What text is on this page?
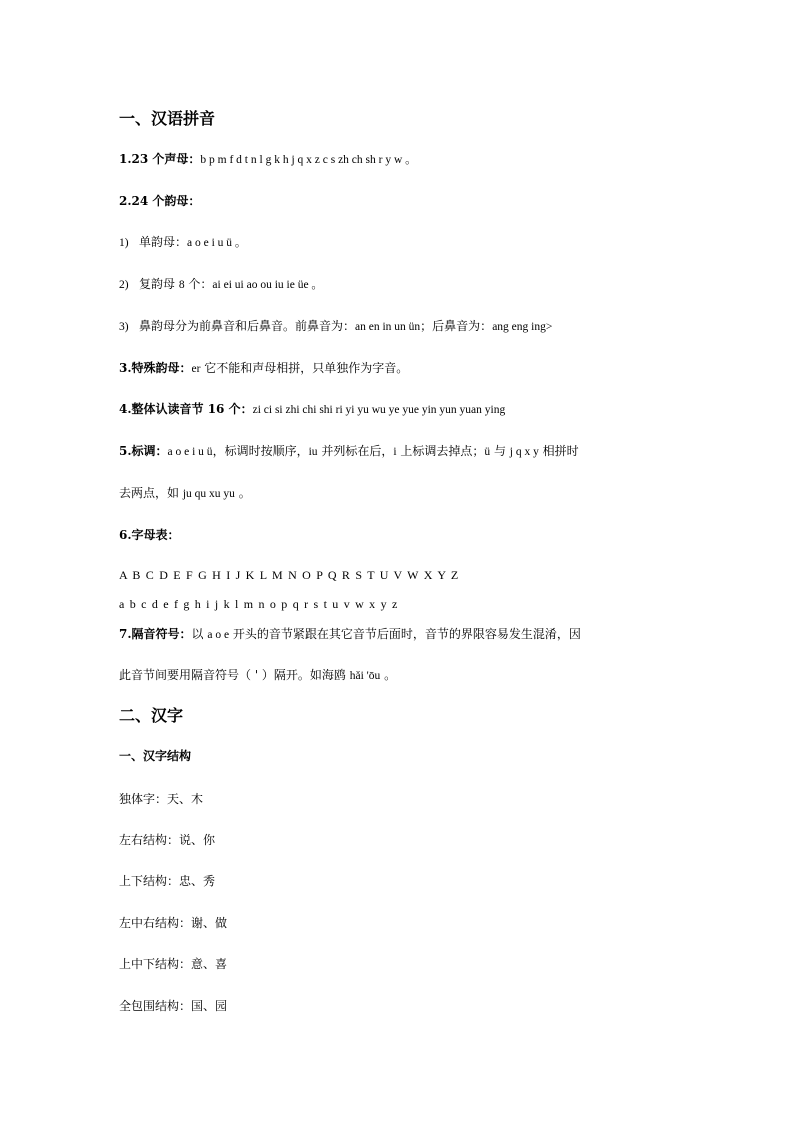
一、汉语拼音
1.23 个声母：b p m f d t n l g k h j q x z c s zh ch sh r y w 。
2.24 个韵母：
1) 单韵母：a o e i u ü 。
2) 复韵母 8 个：ai ei ui ao ou iu ie üe 。
3) 鼻韵母分为前鼻音和后鼻音。前鼻音为：an en in un ün；后鼻音为：ang eng ing>
3.特殊韵母：er 它不能和声母相拼，只单独作为字音。
4.整体认读音节 16 个：zi ci si zhi chi shi ri yi yu wu ye yue yin yun yuan ying
5.标调：a o e i u ü，标调时按顺序，iu 并列标在后，i 上标调去掉点；ü 与 j q x y 相拼时
去两点，如 ju qu xu yu 。
6.字母表：
A B C D E F G H I J K L M N O P Q R S T U V W X Y Z
a b c d e f g h i j k l m n o p q r s t u v w x y z
7.隔音符号：以 a o e 开头的音节紧跟在其它音节后面时，音节的界限容易发生混淆，因
此音节间要用隔音符号（ ' ）隔开。如海鸥 hǎi 'ōu 。
二、汉字
一、汉字结构
独体字：天、木
左右结构：说、你
上下结构：忠、秀
左中右结构：谢、做
上中下结构：意、喜
全包围结构：国、园
